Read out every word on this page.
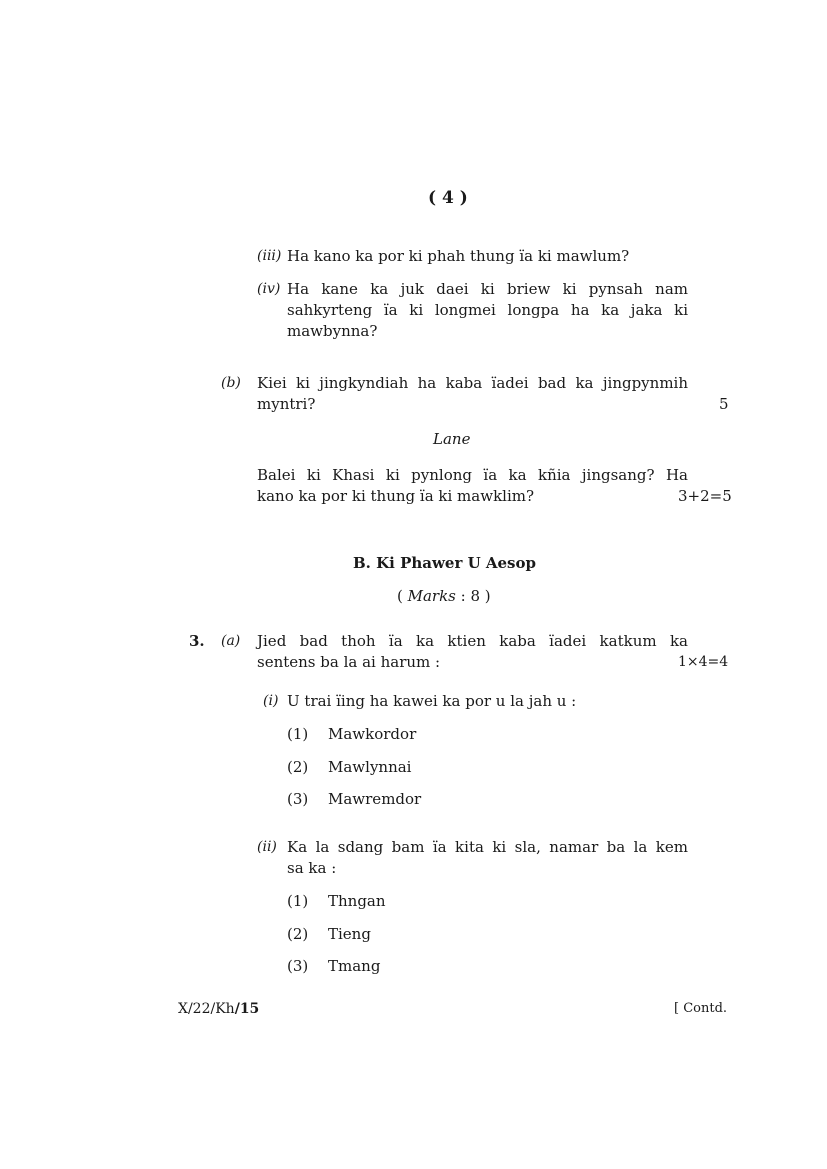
( 4 )
(iii) Ha kano ka por ki phah thung ïa ki mawlum?
(iv) Ha kane ka juk daei ki briew ki pynsah nam
sahkyrteng ïa ki longmei longpa ha ka jaka ki
mawbynna?
(b) Kiei ki jingkyndiah ha kaba ïadei bad ka jingpynmih
myntri?	5
Lane
Balei ki Khasi ki pynlong ïa ka kñia jingsang? Ha
kano ka por ki thung ïa ki mawklim?	3+2=5
B. Ki Phawer U Aesop
( Marks : 8 )
3. (a) Jied bad thoh ïa ka ktien kaba ïadei katkum ka
sentens ba la ai harum :	1×4=4
(i) U trai ïing ha kawei ka por u la jah u :
(1) Mawkordor
(2) Mawlynnai
(3) Mawremdor
(ii) Ka la sdang bam ïa kita ki sla, namar ba la kem
sa ka :
(1) Thngan
(2) Tieng
(3) Tmang
X/22/Kh/15	[ Contd.
